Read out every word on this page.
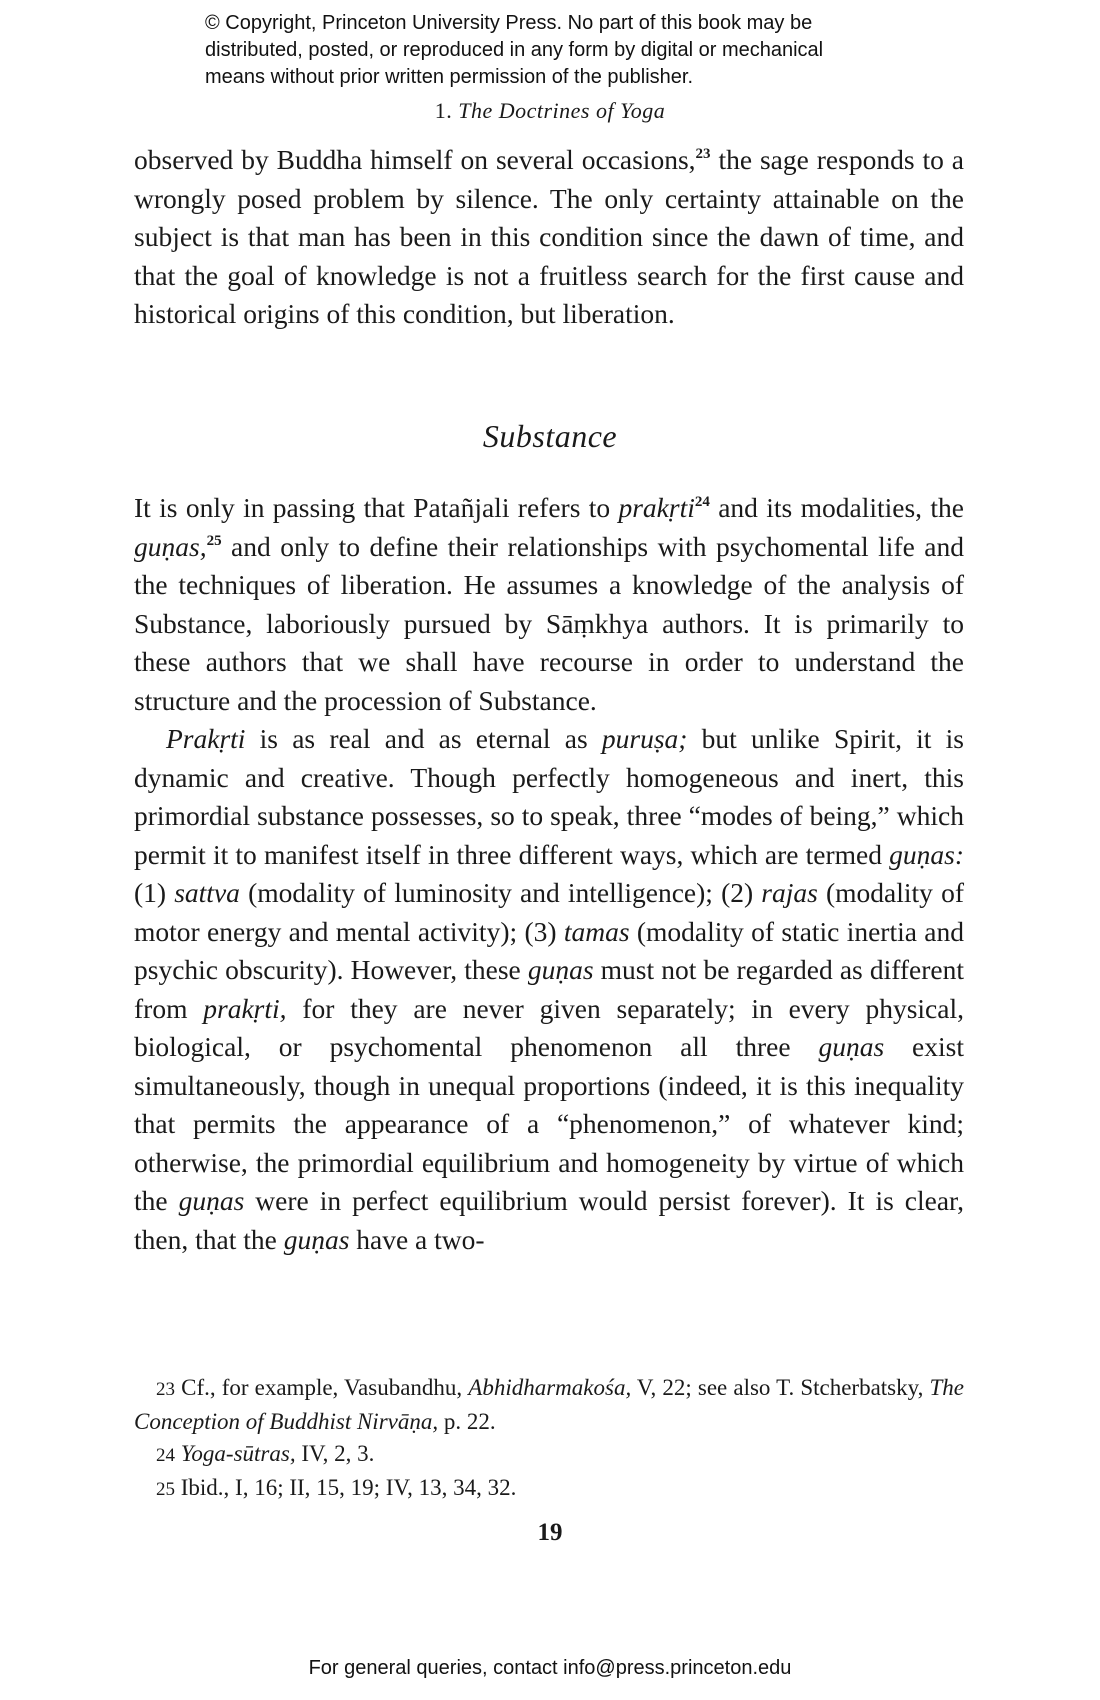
© Copyright, Princeton University Press. No part of this book may be
distributed, posted, or reproduced in any form by digital or mechanical
means without prior written permission of the publisher.
1. The Doctrines of Yoga

observed by Buddha himself on several occasions,$^{23}$ the sage responds to a wrongly posed problem by silence. The only certainty attainable on the subject is that man has been in this condition since the dawn of time, and that the goal of knowledge is not a fruitless search for the first cause and historical origins of this condition, but liberation.

Substance

It is only in passing that Patañjali refers to prakṛti$^{24}$ and its modalities, the guṇas,$^{25}$ and only to define their relationships with psychomental life and the techniques of liberation. He assumes a knowledge of the analysis of Substance, laboriously pursued by Sāṃkhya authors. It is primarily to these authors that we shall have recourse in order to understand the structure and the procession of Substance.

Prakṛti is as real and as eternal as puruṣa; but unlike Spirit, it is dynamic and creative. Though perfectly homogeneous and inert, this primordial substance possesses, so to speak, three “modes of being,” which permit it to manifest itself in three different ways, which are termed guṇas: (1) sattva (modality of luminosity and intelligence); (2) rajas (modality of motor energy and mental activity); (3) tamas (modality of static inertia and psychic obscurity). However, these guṇas must not be regarded as different from prakṛti, for they are never given separately; in every physical, biological, or psychomental phenomenon all three guṇas exist simultaneously, though in unequal proportions (indeed, it is this inequality that permits the appearance of a “phenomenon,” of whatever kind; otherwise, the primordial equilibrium and homogeneity by virtue of which the guṇas were in perfect equilibrium would persist forever). It is clear, then, that the guṇas have a two-

23 Cf., for example, Vasubandhu, Abhidharmakośa, V, 22; see also T. Stcherbatsky, The Conception of Buddhist Nirvāṇa, p. 22.

24 Yoga-sūtras, IV, 2, 3.

25 Ibid., I, 16; II, 15, 19; IV, 13, 34, 32.

19
For general queries, contact info@press.princeton.edu
